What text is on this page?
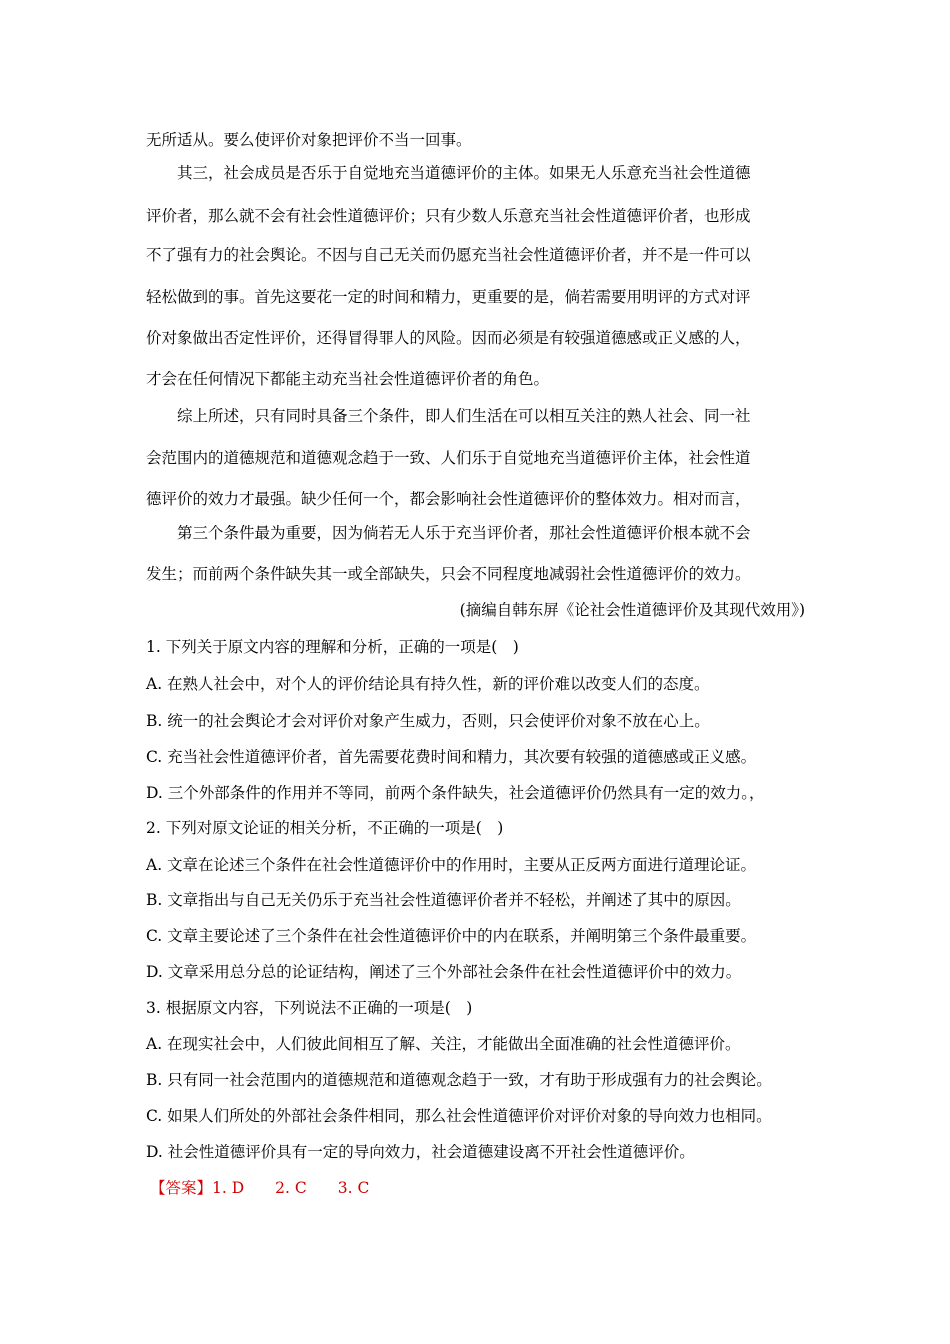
无所适从。要么使评价对象把评价不当一回事。
其三，社会成员是否乐于自觉地充当道德评价的主体。如果无人乐意充当社会性道德
评价者，那么就不会有社会性道德评价；只有少数人乐意充当社会性道德评价者，也形成
不了强有力的社会舆论。不因与自己无关而仍愿充当社会性道德评价者，并不是一件可以
轻松做到的事。首先这要花一定的时间和精力，更重要的是，倘若需要用明评的方式对评
价对象做出否定性评价，还得冒得罪人的风险。因而必须是有较强道德感或正义感的人，
才会在任何情况下都能主动充当社会性道德评价者的角色。
综上所述，只有同时具备三个条件，即人们生活在可以相互关注的熟人社会、同一社
会范围内的道德规范和道德观念趋于一致、人们乐于自觉地充当道德评价主体，社会性道
德评价的效力才最强。缺少任何一个，都会影响社会性道德评价的整体效力。相对而言，
第三个条件最为重要，因为倘若无人乐于充当评价者，那社会性道德评价根本就不会
发生；而前两个条件缺失其一或全部缺失，只会不同程度地减弱社会性道德评价的效力。
(摘编自韩东屏《论社会性道德评价及其现代效用》)
1. 下列关于原文内容的理解和分析，正确的一项是(　)
A. 在熟人社会中，对个人的评价结论具有持久性，新的评价难以改变人们的态度。
B. 统一的社会舆论才会对评价对象产生威力，否则，只会使评价对象不放在心上。
C. 充当社会性道德评价者，首先需要花费时间和精力，其次要有较强的道德感或正义感。
D. 三个外部条件的作用并不等同，前两个条件缺失，社会道德评价仍然具有一定的效力。，
2. 下列对原文论证的相关分析，不正确的一项是(　)
A. 文章在论述三个条件在社会性道德评价中的作用时，主要从正反两方面进行道理论证。
B. 文章指出与自己无关仍乐于充当社会性道德评价者并不轻松，并阐述了其中的原因。
C. 文章主要论述了三个条件在社会性道德评价中的内在联系，并阐明第三个条件最重要。
D. 文章采用总分总的论证结构，阐述了三个外部社会条件在社会性道德评价中的效力。
3. 根据原文内容，下列说法不正确的一项是(　)
A. 在现实社会中，人们彼此间相互了解、关注，才能做出全面准确的社会性道德评价。
B. 只有同一社会范围内的道德规范和道德观念趋于一致，才有助于形成强有力的社会舆论。
C. 如果人们所处的外部社会条件相同，那么社会性道德评价对评价对象的导向效力也相同。
D. 社会性道德评价具有一定的导向效力，社会道德建设离不开社会性道德评价。
【答案】1. D　　2. C　　3. C
